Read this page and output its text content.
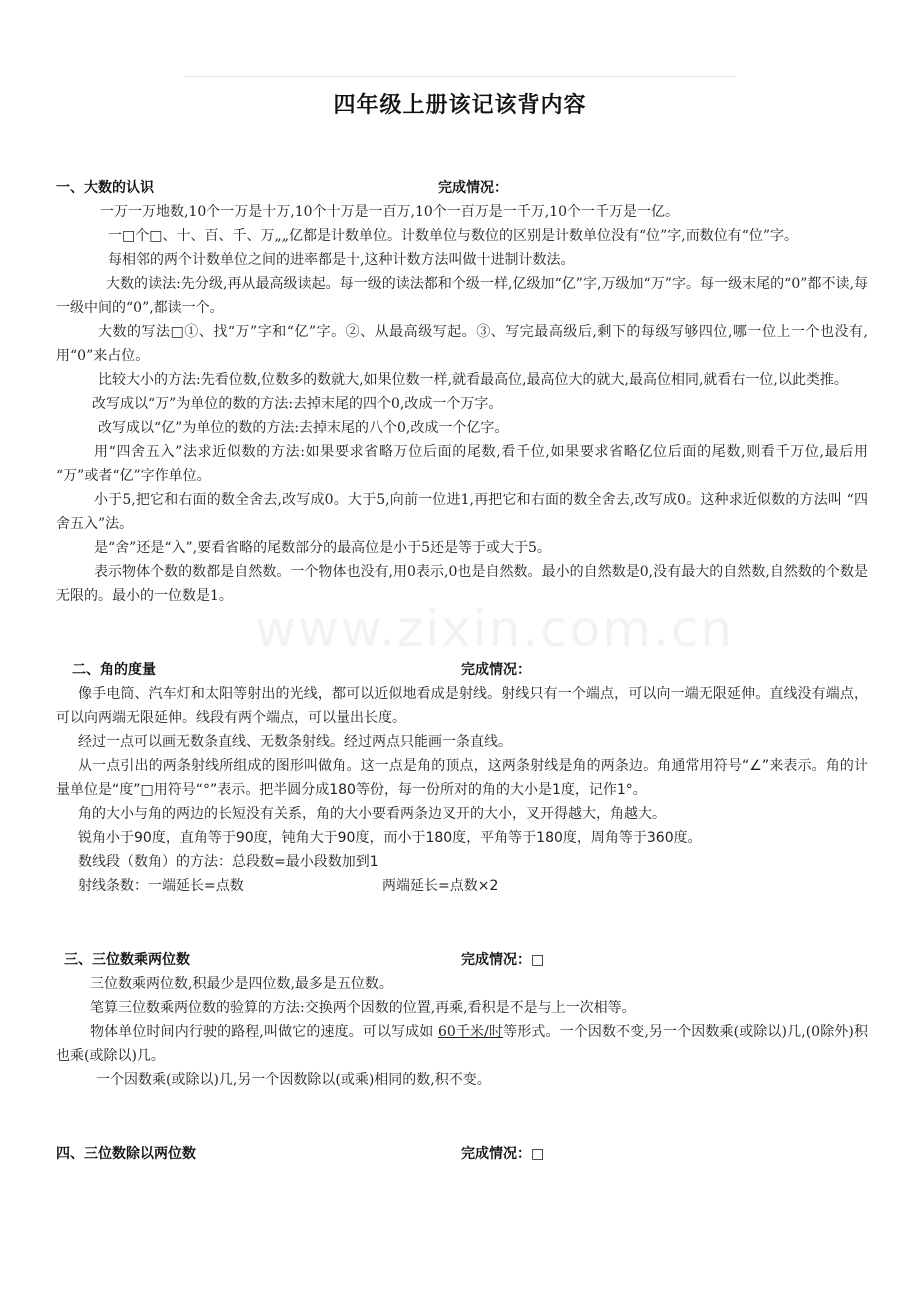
四年级上册该记该背内容
www.zixin.com.cn
一、大数的认识	完成情况：

一万一万地数,10个一万是十万,10个十万是一百万,10个一百万是一千万,10个一千万是一亿。

一□个□、十、百、千、万„„亿都是计数单位。计数单位与数位的区别是计数单位没有“位”字,而数位有“位”字。

每相邻的两个计数单位之间的进率都是十,这种计数方法叫做十进制计数法。

大数的读法:先分级,再从最高级读起。每一级的读法都和个级一样,亿级加“亿”字,万级加“万”字。每一级末尾的“0”都不读,每一级中间的“0”,都读一个。

大数的写法□①、找“万”字和“亿”字。②、从最高级写起。③、写完最高级后,剩下的每级写够四位,哪一位上一个也没有,用“0”来占位。

比较大小的方法:先看位数,位数多的数就大,如果位数一样,就看最高位,最高位大的就大,最高位相同,就看右一位,以此类推。

改写成以“万”为单位的数的方法:去掉末尾的四个0,改成一个万字。

改写成以“亿”为单位的数的方法:去掉末尾的八个0,改成一个亿字。

用“四舍五入”法求近似数的方法:如果要求省略万位后面的尾数,看千位,如果要求省略亿位后面的尾数,则看千万位,最后用 “万”或者“亿”字作单位。

小于5,把它和右面的数全舍去,改写成0。大于5,向前一位进1,再把它和右面的数全舍去,改写成0。这种求近似数的方法叫 “四舍五入”法。

是“舍”还是“入”,要看省略的尾数部分的最高位是小于5还是等于或大于5。

表示物体个数的数都是自然数。一个物体也没有,用0表示,0也是自然数。最小的自然数是0,没有最大的自然数,自然数的个数是无限的。最小的一位数是1。

二、角的度量	完成情况：

像手电筒、汽车灯和太阳等射出的光线，都可以近似地看成是射线。射线只有一个端点，可以向一端无限延伸。直线没有端点，可以向两端无限延伸。线段有两个端点，可以量出长度。

经过一点可以画无数条直线、无数条射线。经过两点只能画一条直线。

从一点引出的两条射线所组成的图形叫做角。这一点是角的顶点，这两条射线是角的两条边。角通常用符号“∠”来表示。角的计量单位是“度”□用符号“°”表示。把半圆分成180等份，每一份所对的角的大小是1度，记作1°。

角的大小与角的两边的长短没有关系，角的大小要看两条边叉开的大小，叉开得越大，角越大。

锐角小于90度，直角等于90度，钝角大于90度，而小于180度，平角等于180度，周角等于360度。

数线段（数角）的方法：总段数=最小段数加到1

射线条数：一端延长=点数	两端延长=点数×2

三、三位数乘两位数	完成情况：□

三位数乘两位数,积最少是四位数,最多是五位数。

笔算三位数乘两位数的验算的方法:交换两个因数的位置,再乘,看积是不是与上一次相等。

物体单位时间内行驶的路程,叫做它的速度。可以写成如 60千米/时等形式。一个因数不变,另一个因数乘(或除以)几,(0除外)积也乘(或除以)几。

一个因数乘(或除以)几,另一个因数除以(或乘)相同的数,积不变。

四、三位数除以两位数	完成情况：□
